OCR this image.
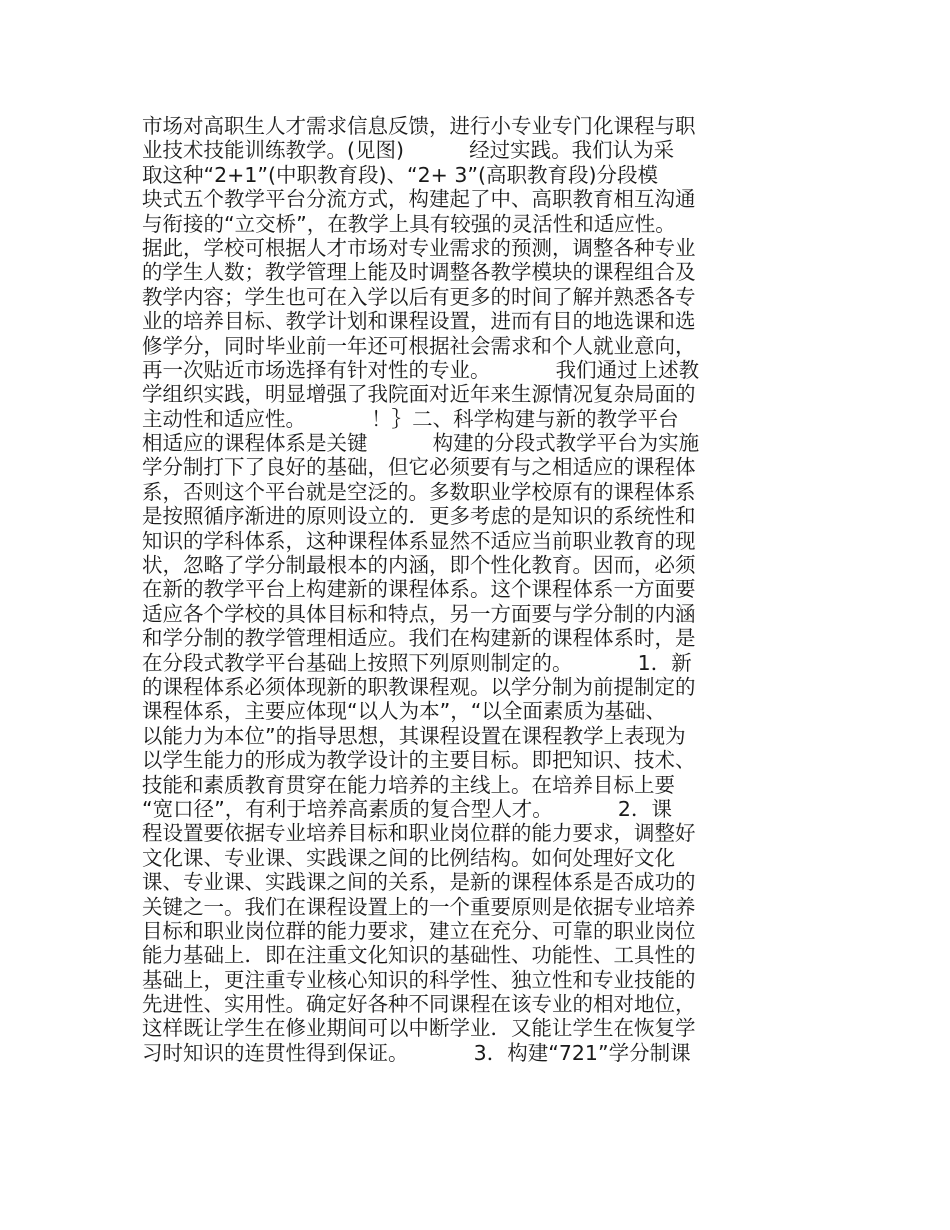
市场对高职生人才需求信息反馈，进行小专业专门化课程与职
业技术技能训练教学。(见图)          经过实践。我们认为采
取这种“2+1”(中职教育段)、“2+ 3”(高职教育段)分段模
块式五个教学平台分流方式，构建起了中、高职教育相互沟通
与衔接的“立交桥”，在教学上具有较强的灵活性和适应性。
据此，学校可根据人才市场对专业需求的预测，调整各种专业
的学生人数；教学管理上能及时调整各教学模块的课程组合及
教学内容；学生也可在入学以后有更多的时间了解并熟悉各专
业的培养目标、教学计划和课程设置，进而有目的地选课和选
修学分，同时毕业前一年还可根据社会需求和个人就业意向，
再一次贴近市场选择有针对性的专业。          我们通过上述教
学组织实践，明显增强了我院面对近年来生源情况复杂局面的
主动性和适应性。          ！｝二、科学构建与新的教学平台
相适应的课程体系是关键          构建的分段式教学平台为实施
学分制打下了良好的基础，但它必须要有与之相适应的课程体
系，否则这个平台就是空泛的。多数职业学校原有的课程体系
是按照循序渐进的原则设立的．更多考虑的是知识的系统性和
知识的学科体系，这种课程体系显然不适应当前职业教育的现
状，忽略了学分制最根本的内涵，即个性化教育。因而，必须
在新的教学平台上构建新的课程体系。这个课程体系一方面要
适应各个学校的具体目标和特点，另一方面要与学分制的内涵
和学分制的教学管理相适应。我们在构建新的课程体系时，是
在分段式教学平台基础上按照下列原则制定的。          1．新
的课程体系必须体现新的职教课程观。以学分制为前提制定的
课程体系，主要应体现“以人为本”，“以全面素质为基础、
以能力为本位”的指导思想，其课程设置在课程教学上表现为
以学生能力的形成为教学设计的主要目标。即把知识、技术、
技能和素质教育贯穿在能力培养的主线上。在培养目标上要
“宽口径”，有利于培养高素质的复合型人才。          2．课
程设置要依据专业培养目标和职业岗位群的能力要求，调整好
文化课、专业课、实践课之间的比例结构。如何处理好文化
课、专业课、实践课之间的关系，是新的课程体系是否成功的
关键之一。我们在课程设置上的一个重要原则是依据专业培养
目标和职业岗位群的能力要求，建立在充分、可靠的职业岗位
能力基础上．即在注重文化知识的基础性、功能性、工具性的
基础上，更注重专业核心知识的科学性、独立性和专业技能的
先进性、实用性。确定好各种不同课程在该专业的相对地位，
这样既让学生在修业期间可以中断学业．又能让学生在恢复学
习时知识的连贯性得到保证。          3．构建“721”学分制课
